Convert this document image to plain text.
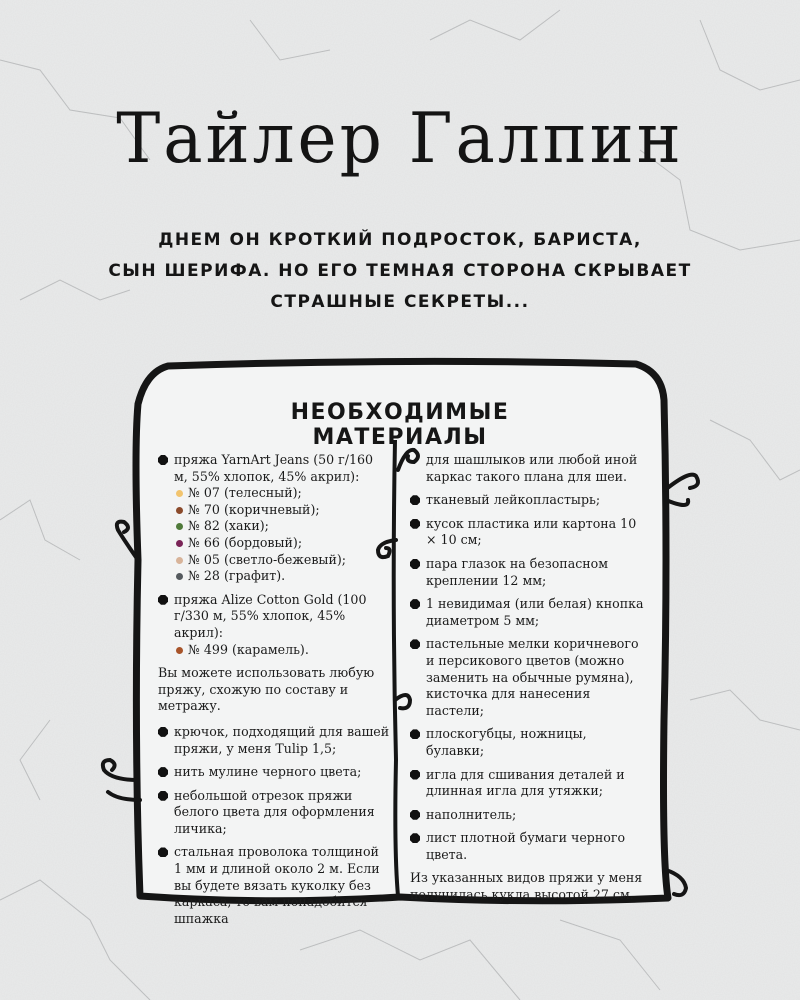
Тайлер Галпин
ДНЕМ ОН КРОТКИЙ ПОДРОСТОК, БАРИСТА,
СЫН ШЕРИФА. НО ЕГО ТЕМНАЯ СТОРОНА СКРЫВАЕТ
СТРАШНЫЕ СЕКРЕТЫ...
НЕОБХОДИМЫЕ МАТЕРИАЛЫ
пряжа YarnArt Jeans (50 г/160 м, 55% хлопок, 45% акрил):
№ 07 (телесный);
№ 70 (коричневый);
№ 82 (хаки);
№ 66 (бордовый);
№ 05 (светло-бежевый);
№ 28 (графит).
пряжа Alize Cotton Gold (100 г/330 м, 55% хлопок, 45% акрил):
№ 499 (карамель).
Вы можете использовать любую пряжу, схожую по составу и метражу.
крючок, подходящий для вашей пряжи, у меня Tulip 1,5;
нить мулине черного цвета;
небольшой отрезок пряжи белого цвета для оформления личика;
стальная проволока толщиной 1 мм и длиной около 2 м. Если вы будете вязать куколку без каркаса, то вам понадобится шпажка
для шашлыков или любой иной каркас такого плана для шеи.
тканевый лейкопластырь;
кусок пластика или картона 10 × 10 см;
пара глазок на безопасном креплении 12 мм;
1 невидимая (или белая) кнопка диаметром 5 мм;
пастельные мелки коричневого и персикового цветов (можно заменить на обычные румяна), кисточка для нанесения пастели;
плоскогубцы, ножницы, булавки;
игла для сшивания деталей и длинная игла для утяжки;
наполнитель;
лист плотной бумаги черного цвета.
Из указанных видов пряжи у меня получилась кукла высотой 27 см.
